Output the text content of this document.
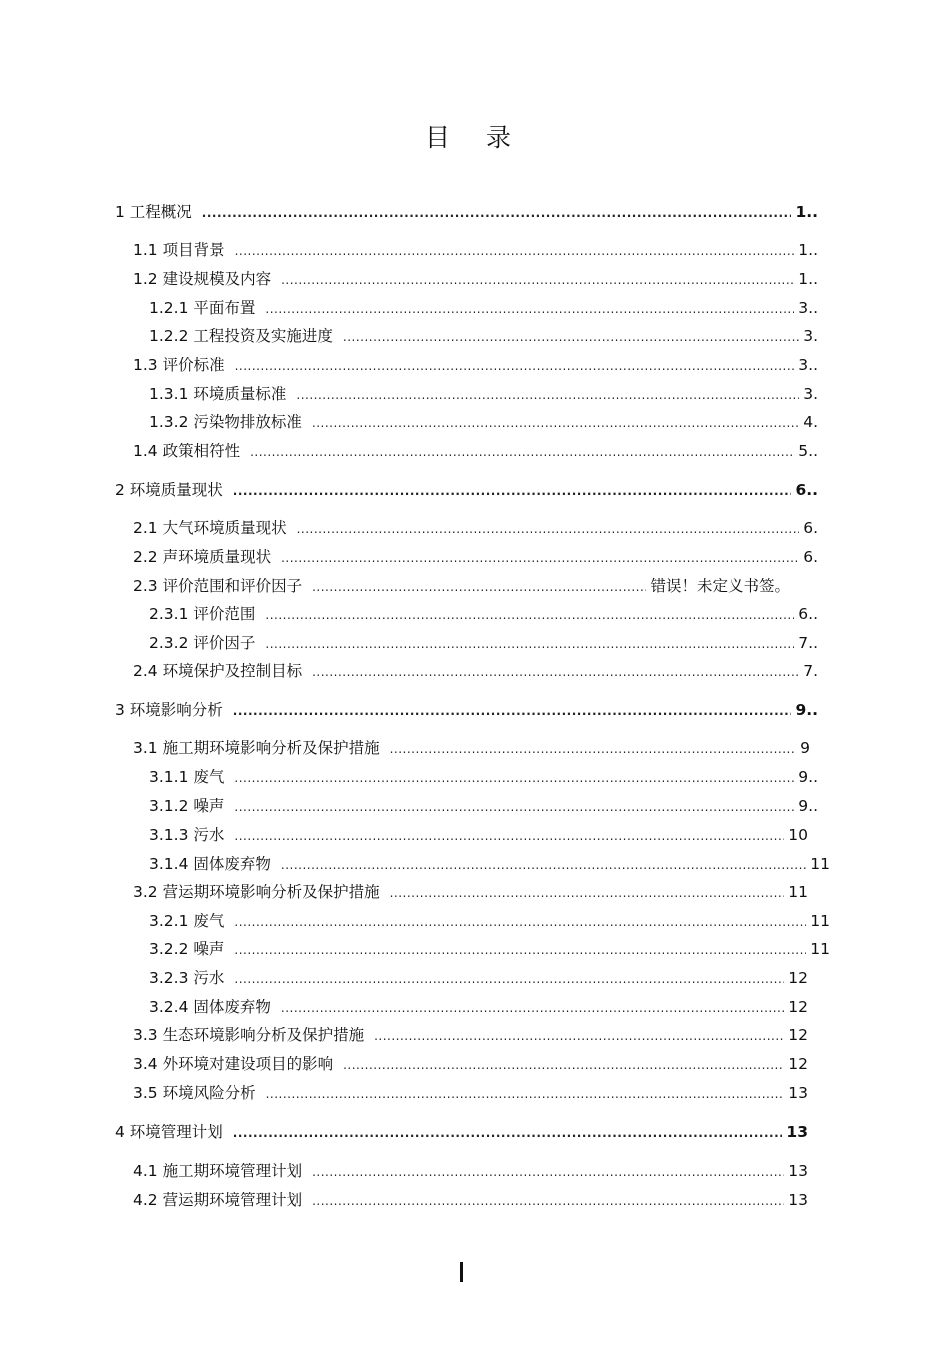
目 录
1 工程概况 .....	1..
1.1 项目背景 .....	1..
1.2 建设规模及内容 .....	1..
1.2.1 平面布置 .....	3..
1.2.2 工程投资及实施进度 .....	3.
1.3 评价标准 .....	3..
1.3.1 环境质量标准 .....	3.
1.3.2 污染物排放标准 .....	4.
1.4 政策相符性 .....	5..
2 环境质量现状 .....	6..
2.1 大气环境质量现状 .....	6.
2.2 声环境质量现状 .....	6.
2.3 评价范围和评价因子 .....	错误！未定义书签。
2.3.1 评价范围 .....	6..
2.3.2 评价因子 .....	7..
2.4 环境保护及控制目标 .....	7.
3 环境影响分析 .....	9..
3.1 施工期环境影响分析及保护措施 .....	9
3.1.1 废气 .....	9..
3.1.2 噪声 .....	9..
3.1.3 污水 .....	10
3.1.4 固体废弃物 .....	11
3.2 营运期环境影响分析及保护措施 .....	11
3.2.1 废气 .....	11
3.2.2 噪声 .....	11
3.2.3 污水 .....	12
3.2.4 固体废弃物 .....	12
3.3 生态环境影响分析及保护措施 .....	12
3.4 外环境对建设项目的影响 .....	12
3.5 环境风险分析 .....	13
4 环境管理计划 .....	13
4.1 施工期环境管理计划 .....	13
4.2 营运期环境管理计划 .....	13
